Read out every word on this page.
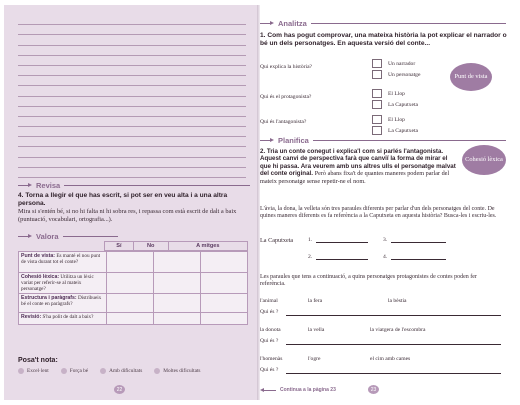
Revisa
4. Torna a llegir el que has escrit, si pot ser en veu alta i a una altra persona.
Mira si s'entén bé, si no hi falta ni hi sobra res, i repassa com està escrit de dalt a baix (puntuació, vocabulari, ortografia...).
Valora
Sí	No	A mitges
Punt de vista: Es manté el nou punt de vista durant tot el conte?			
Cohesió lèxica: Utilitza un lèxic variat per referir-se al mateix personatge?			
Estructura i paràgrafs: Distribueix bé el conte en paràgrafs?			
Revisió: S'ha polit de dalt a baix?			
Posa't nota:
Excel·lent	Força bé	Amb dificultats	Moltes dificultats
22
Analitza
1. Com has pogut comprovar, una mateixa història la pot explicar el narrador o bé un dels personatges. En aquesta versió del conte...
Qui explica la història?	Un narrador
Un personatge	Punt de vista
Qui és el protagonista?	El Llop
La Caputxeta
Qui és l'antagonista?	El Llop
La Caputxeta
Planifica
Cohesió lèxica
2. Tria un conte conegut i explica'l com si parlés l'antagonista. Aquest canvi de perspectiva farà que canviï la forma de mirar el que hi passa. Ara veurem amb uns altres ulls el personatge malvat del conte original. Però abans fixa't de quantes maneres podem parlar del mateix personatge sense repetir-ne el nom.
L'àvia, la dona, la velleta són tres paraules diferents per parlar d'un dels personatges del conte. De quines maneres diferents es fa referència a la Caputxeta en aquesta història? Busca-les i escriu-les.
La Caputxeta	1.	3.
2.	4.
Les paraules que tens a continuació, a quins personatges protagonistes de contes poden fer referència.
l'animal	la fera	la bèstia
Qui és ?
la donota	la vella	la viatgera de l'escombra
Qui és ?
l'homenàs	l'ogre	el cim amb cames
Qui és ?
Continua a la pàgina 23	23
